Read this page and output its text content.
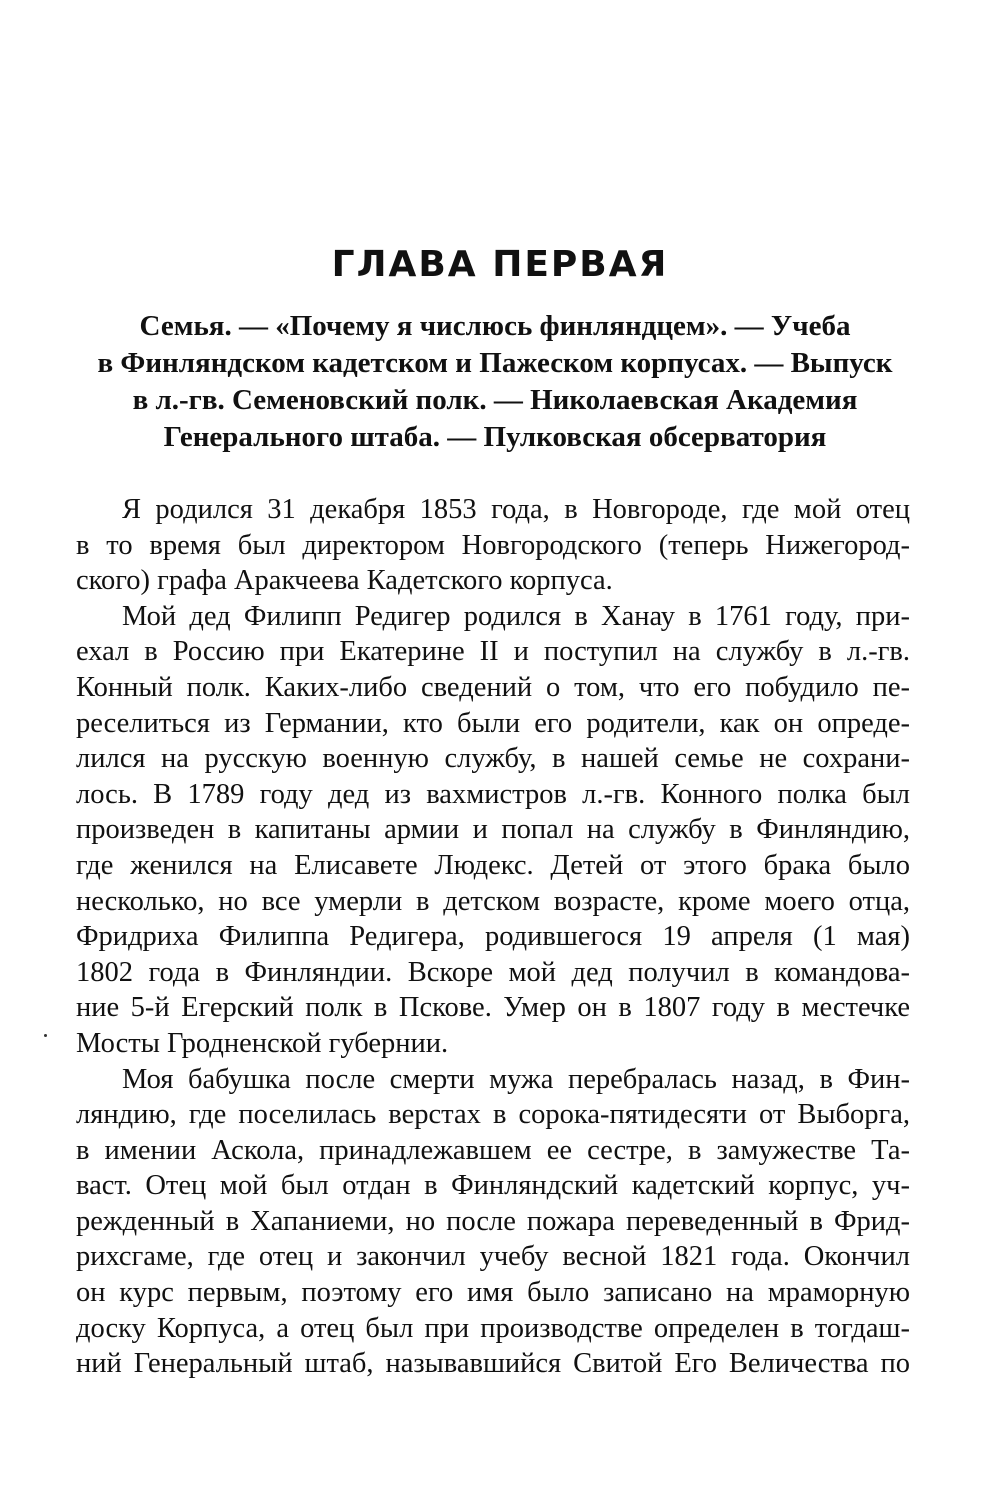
ГЛАВА ПЕРВАЯ

Семья. — «Почему я числюсь финляндцем». — Учеба
в Финляндском кадетском и Пажеском корпусах. — Выпуск
в л.-гв. Семеновский полк. — Николаевская Академия
Генерального штаба. — Пулковская обсерватория

Я родился 31 декабря 1853 года, в Новгороде, где мой отец
в то время был директором Новгородского (теперь Нижегород-
ского) графа Аракчеева Кадетского корпуса.

Мой дед Филипп Редигер родился в Ханау в 1761 году, при-
ехал в Россию при Екатерине II и поступил на службу в л.-гв.
Конный полк. Каких-либо сведений о том, что его побудило пе-
реселиться из Германии, кто были его родители, как он опреде-
лился на русскую военную службу, в нашей семье не сохрани-
лось. В 1789 году дед из вахмистров л.-гв. Конного полка был
произведен в капитаны армии и попал на службу в Финляндию,
где женился на Елисавете Людекс. Детей от этого брака было
несколько, но все умерли в детском возрасте, кроме моего отца,
Фридриха Филиппа Редигера, родившегося 19 апреля (1 мая)
1802 года в Финляндии. Вскоре мой дед получил в командова-
ние 5-й Егерский полк в Пскове. Умер он в 1807 году в местечке
Мосты Гродненской губернии.

Моя бабушка после смерти мужа перебралась назад, в Фин-
ляндию, где поселилась верстах в сорока-пятидесяти от Выборга,
в имении Аскола, принадлежавшем ее сестре, в замужестве Та-
васт. Отец мой был отдан в Финляндский кадетский корпус, уч-
режденный в Хапаниеми, но после пожара переведенный в Фрид-
рихсгаме, где отец и закончил учебу весной 1821 года. Окончил
он курс первым, поэтому его имя было записано на мраморную
доску Корпуса, а отец был при производстве определен в тогдаш-
ний Генеральный штаб, называвшийся Свитой Его Величества по
